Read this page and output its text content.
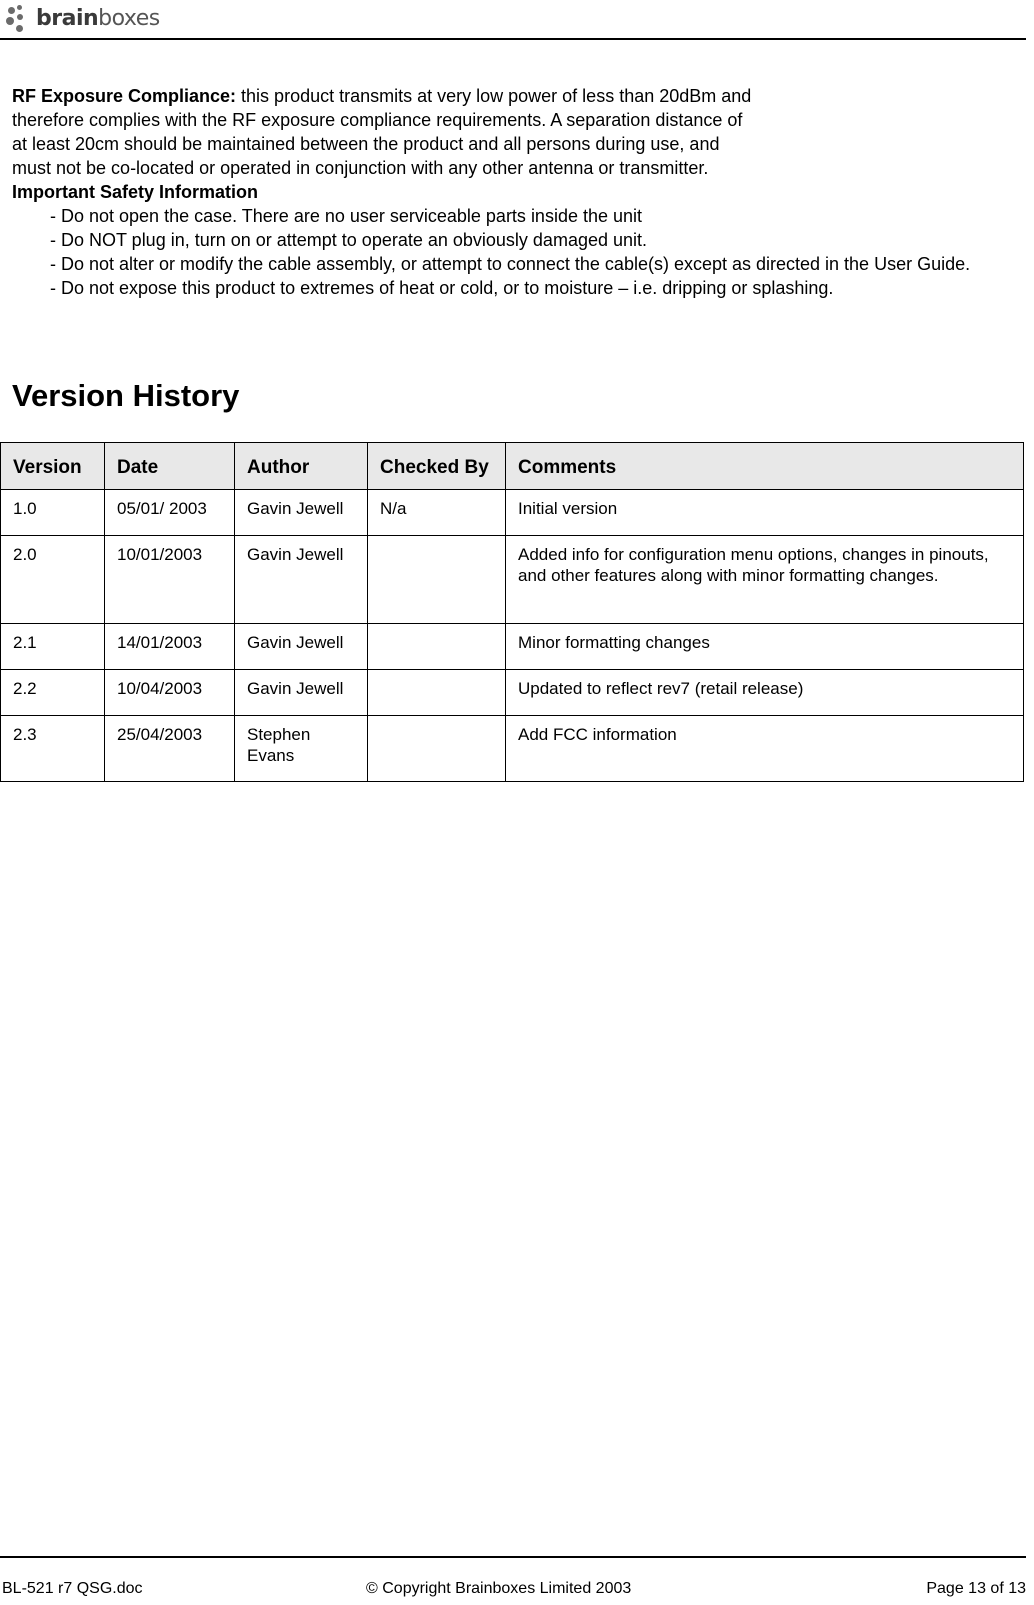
brainboxes

RF Exposure Compliance: this product transmits at very low power of less than 20dBm and
therefore complies with the RF exposure compliance requirements. A separation distance of
at least 20cm should be maintained between the product and all persons during use, and
must not be co-located or operated in conjunction with any other antenna or transmitter.

Important Safety Information

- Do not open the case. There are no user serviceable parts inside the unit
- Do NOT plug in, turn on or attempt to operate an obviously damaged unit.
- Do not alter or modify the cable assembly, or attempt to connect the cable(s) except as directed in the User Guide.
- Do not expose this product to extremes of heat or cold, or to moisture – i.e. dripping or splashing.
Version History
Version	Date	Author	Checked By	Comments
1.0	05/01/ 2003	Gavin Jewell	N/a	Initial version
2.0	10/01/2003	Gavin Jewell		Added info for configuration menu options, changes in pinouts, and other features along with minor formatting changes.
2.1	14/01/2003	Gavin Jewell		Minor formatting changes
2.2	10/04/2003	Gavin Jewell		Updated to reflect rev7 (retail release)
2.3	25/04/2003	Stephen Evans		Add FCC information
BL-521 r7 QSG.doc	© Copyright Brainboxes Limited 2003	Page 13 of 13
